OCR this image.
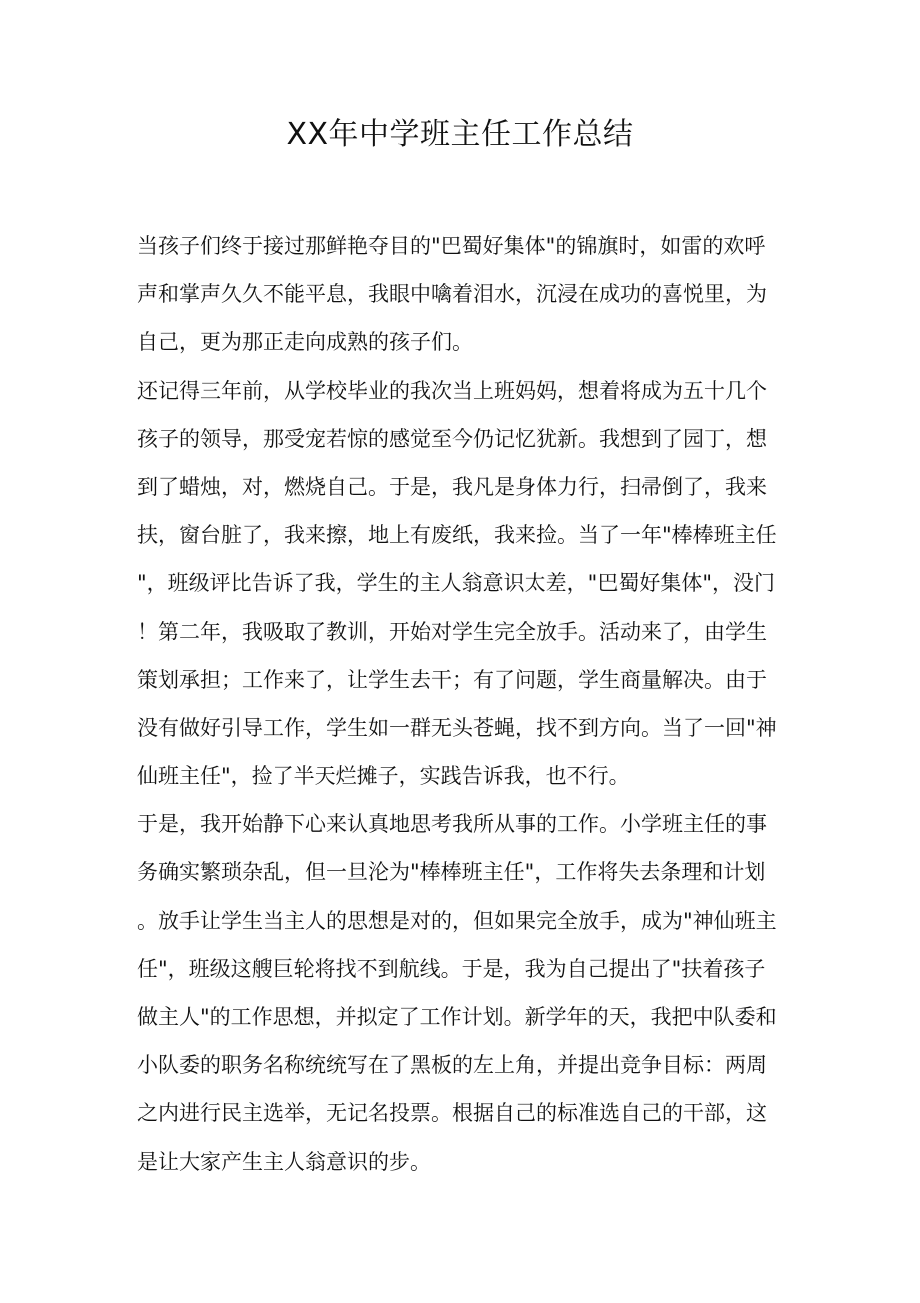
XX年中学班主任工作总结

当孩子们终于接过那鲜艳夺目的"巴蜀好集体"的锦旗时，如雷的欢呼

声和掌声久久不能平息，我眼中噙着泪水，沉浸在成功的喜悦里，为

自己，更为那正走向成熟的孩子们。

还记得三年前，从学校毕业的我次当上班妈妈，想着将成为五十几个

孩子的领导，那受宠若惊的感觉至今仍记忆犹新。我想到了园丁，想

到了蜡烛，对，燃烧自己。于是，我凡是身体力行，扫帚倒了，我来

扶，窗台脏了，我来擦，地上有废纸，我来捡。当了一年"棒棒班主任

"，班级评比告诉了我，学生的主人翁意识太差，"巴蜀好集体"，没门

！第二年，我吸取了教训，开始对学生完全放手。活动来了，由学生

策划承担；工作来了，让学生去干；有了问题，学生商量解决。由于

没有做好引导工作，学生如一群无头苍蝇，找不到方向。当了一回"神

仙班主任"，捡了半天烂摊子，实践告诉我，也不行。

于是，我开始静下心来认真地思考我所从事的工作。小学班主任的事

务确实繁琐杂乱，但一旦沦为"棒棒班主任"，工作将失去条理和计划

。放手让学生当主人的思想是对的，但如果完全放手，成为"神仙班主

任"，班级这艘巨轮将找不到航线。于是，我为自己提出了"扶着孩子

做主人"的工作思想，并拟定了工作计划。新学年的天，我把中队委和

小队委的职务名称统统写在了黑板的左上角，并提出竞争目标：两周

之内进行民主选举，无记名投票。根据自己的标准选自己的干部，这

是让大家产生主人翁意识的步。
